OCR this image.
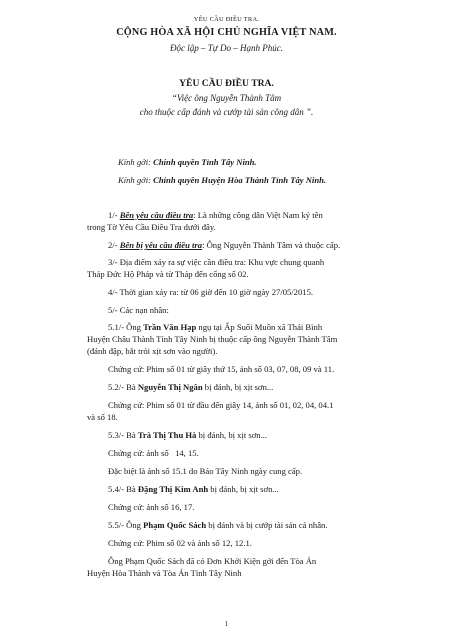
YÊU CẦU ĐIỀU TRA.
CỘNG HÒA XÃ HỘI CHỦ NGHĨA VIỆT NAM.
Độc lập – Tự Do – Hạnh Phúc.
YÊU CẦU ĐIỀU TRA.
“Việc ông Nguyễn Thành Tâm
cho thuộc cấp đánh và cướp tài sản công dân ”.
Kính gởi: Chính quyền Tỉnh Tây Ninh.
Kính gởi: Chính quyền Huyện Hòa Thành Tỉnh Tây Ninh.
1/- Bên yêu cầu điều tra: Là những công dân Việt Nam ký tên
trong Tờ Yêu Cầu Điều Tra dưới đây.
2/- Bên bị yêu cầu điều tra: Ông Nguyễn Thành Tâm và thuộc cấp.
3/- Địa điểm xảy ra sự việc cần điều tra: Khu vực chung quanh
Tháp Đức Hộ Pháp và từ Tháp đến cổng số 02.
4/- Thời gian xảy ra: từ 06 giờ đến 10 giờ ngày 27/05/2015.
5/- Các nạn nhân:
5.1/- Ông Trần Văn Hạp ngụ tại Ấp Suối Muồn xã Thái Bình
Huyện Châu Thành Tỉnh Tây Ninh bị thuộc cấp ông Nguyễn Thành Tâm
(đánh đập, bắt trói xịt sơn vào người).
Chứng cứ: Phim số 01 từ giây thứ 15, ảnh số 03, 07, 08, 09 và 11.
5.2/- Bà Nguyễn Thị Ngân bị đánh, bị xịt sơn...
Chứng cứ: Phim số 01 từ đầu đến giây 14, ảnh số 01, 02, 04, 04.1
và số 18.
5.3/- Bà Trà Thị Thu Hà bị đánh, bị xịt sơn...
Chứng cứ: ảnh số   14, 15.
Đặc biệt là ảnh số 15.1 do Báo Tây Ninh ngày cung cấp.
5.4/- Bà Đặng Thị Kim Anh bị đánh, bị xịt sơn...
Chứng cứ: ảnh số 16, 17.
5.5/- Ông Phạm Quốc Sách bị đánh và bị cướp tài sản cá nhân.
Chứng cứ: Phim số 02 và ảnh số 12, 12.1.
Ông Phạm Quốc Sách đã có Đơn Khởi Kiện gởi đến Tòa Án
Huyện Hòa Thành và Tòa Án Tỉnh Tây Ninh
1
